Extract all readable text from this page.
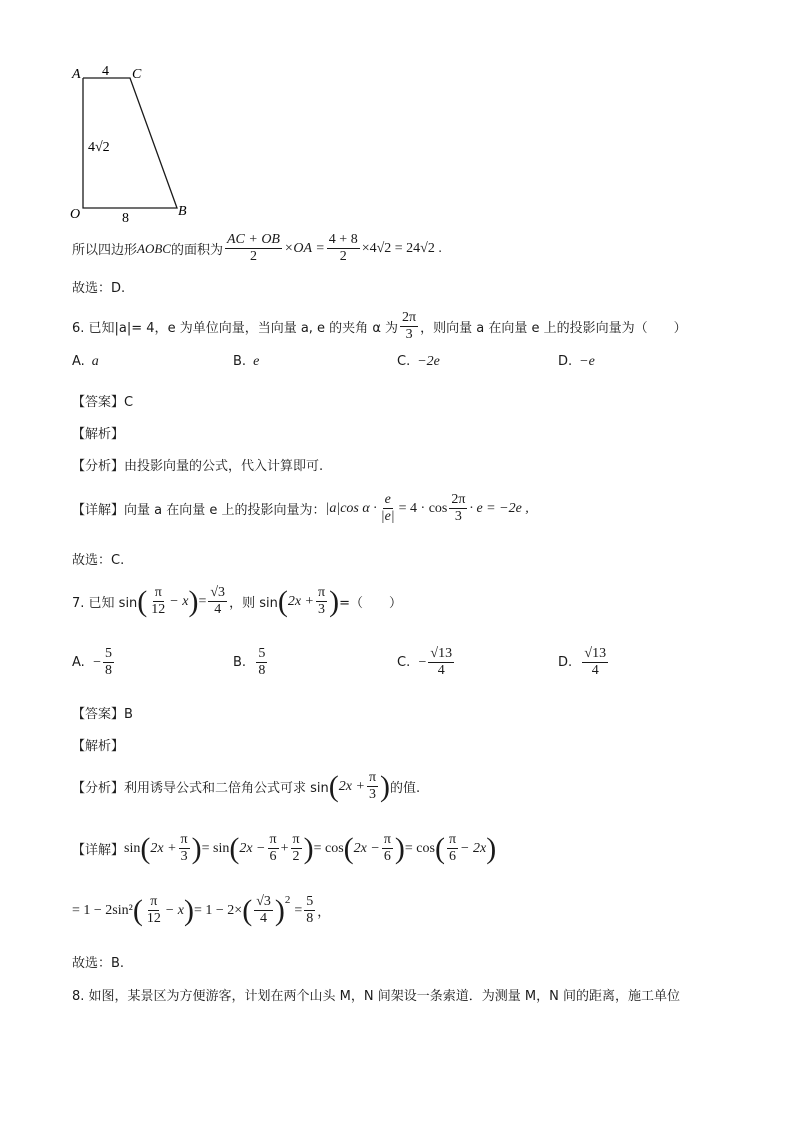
A	C
O	B
4
8
4√2
所以四边形 AOBC 的面积为 $\frac{AC + OB}{2} \times OA = \frac{4 + 8}{2} \times 4√2 = 24√2$ .
故选：D.
6. 已知|a|= 4， e 为单位向量，当向量 a, e 的夹角 α 为 $\frac{2\pi}{3}$ ，则向量 a 在向量 e 上的投影向量为（　　）
A. a	B. e	C. −2e	D. −e
【答案】C
【解析】
【分析】由投影向量的公式，代入计算即可.
【详解】 向量 a 在向量 e 上的投影向量为： |a|cos $\alpha \cdot \frac{e}{|e|} = 4 \cdot \cos \frac{2\pi}{3} \cdot e = -2e$ ,
故选：C.
7. 已知 sin ( $\frac{\pi}{12} - x$ ) = $\frac{√3}{4}$ ，则 sin ( $2x + \frac{\pi}{3}$ ) =（　　）
A.
− $\frac{5}{8}$	B.
$\frac{5}{8}$	C.
− $\frac{√13}{4}$	D.
$\frac{√13}{4}$
【答案】B
【解析】
【分析】 利用诱导公式和二倍角公式可求 sin ( $2x + \frac{\pi}{3}$ ) 的值.
【详解】 sin ( $2x + \frac{\pi}{3}$ ) = sin ( $2x - \frac{\pi}{6} + \frac{\pi}{2}$ ) = cos ( $2x - \frac{\pi}{6}$ ) = cos ( $\frac{\pi}{6} - 2x$ )
= 1 − 2sin² ( $\frac{\pi}{12} - x$ ) = 1 − 2× ( $\frac{√3}{4} )^2$
= $\frac{5}{8}$ ，
故选：B.
8. 如图，某景区为方便游客，计划在两个山头 M，N 间架设一条索道．为测量 M，N 间的距离，施工单位
